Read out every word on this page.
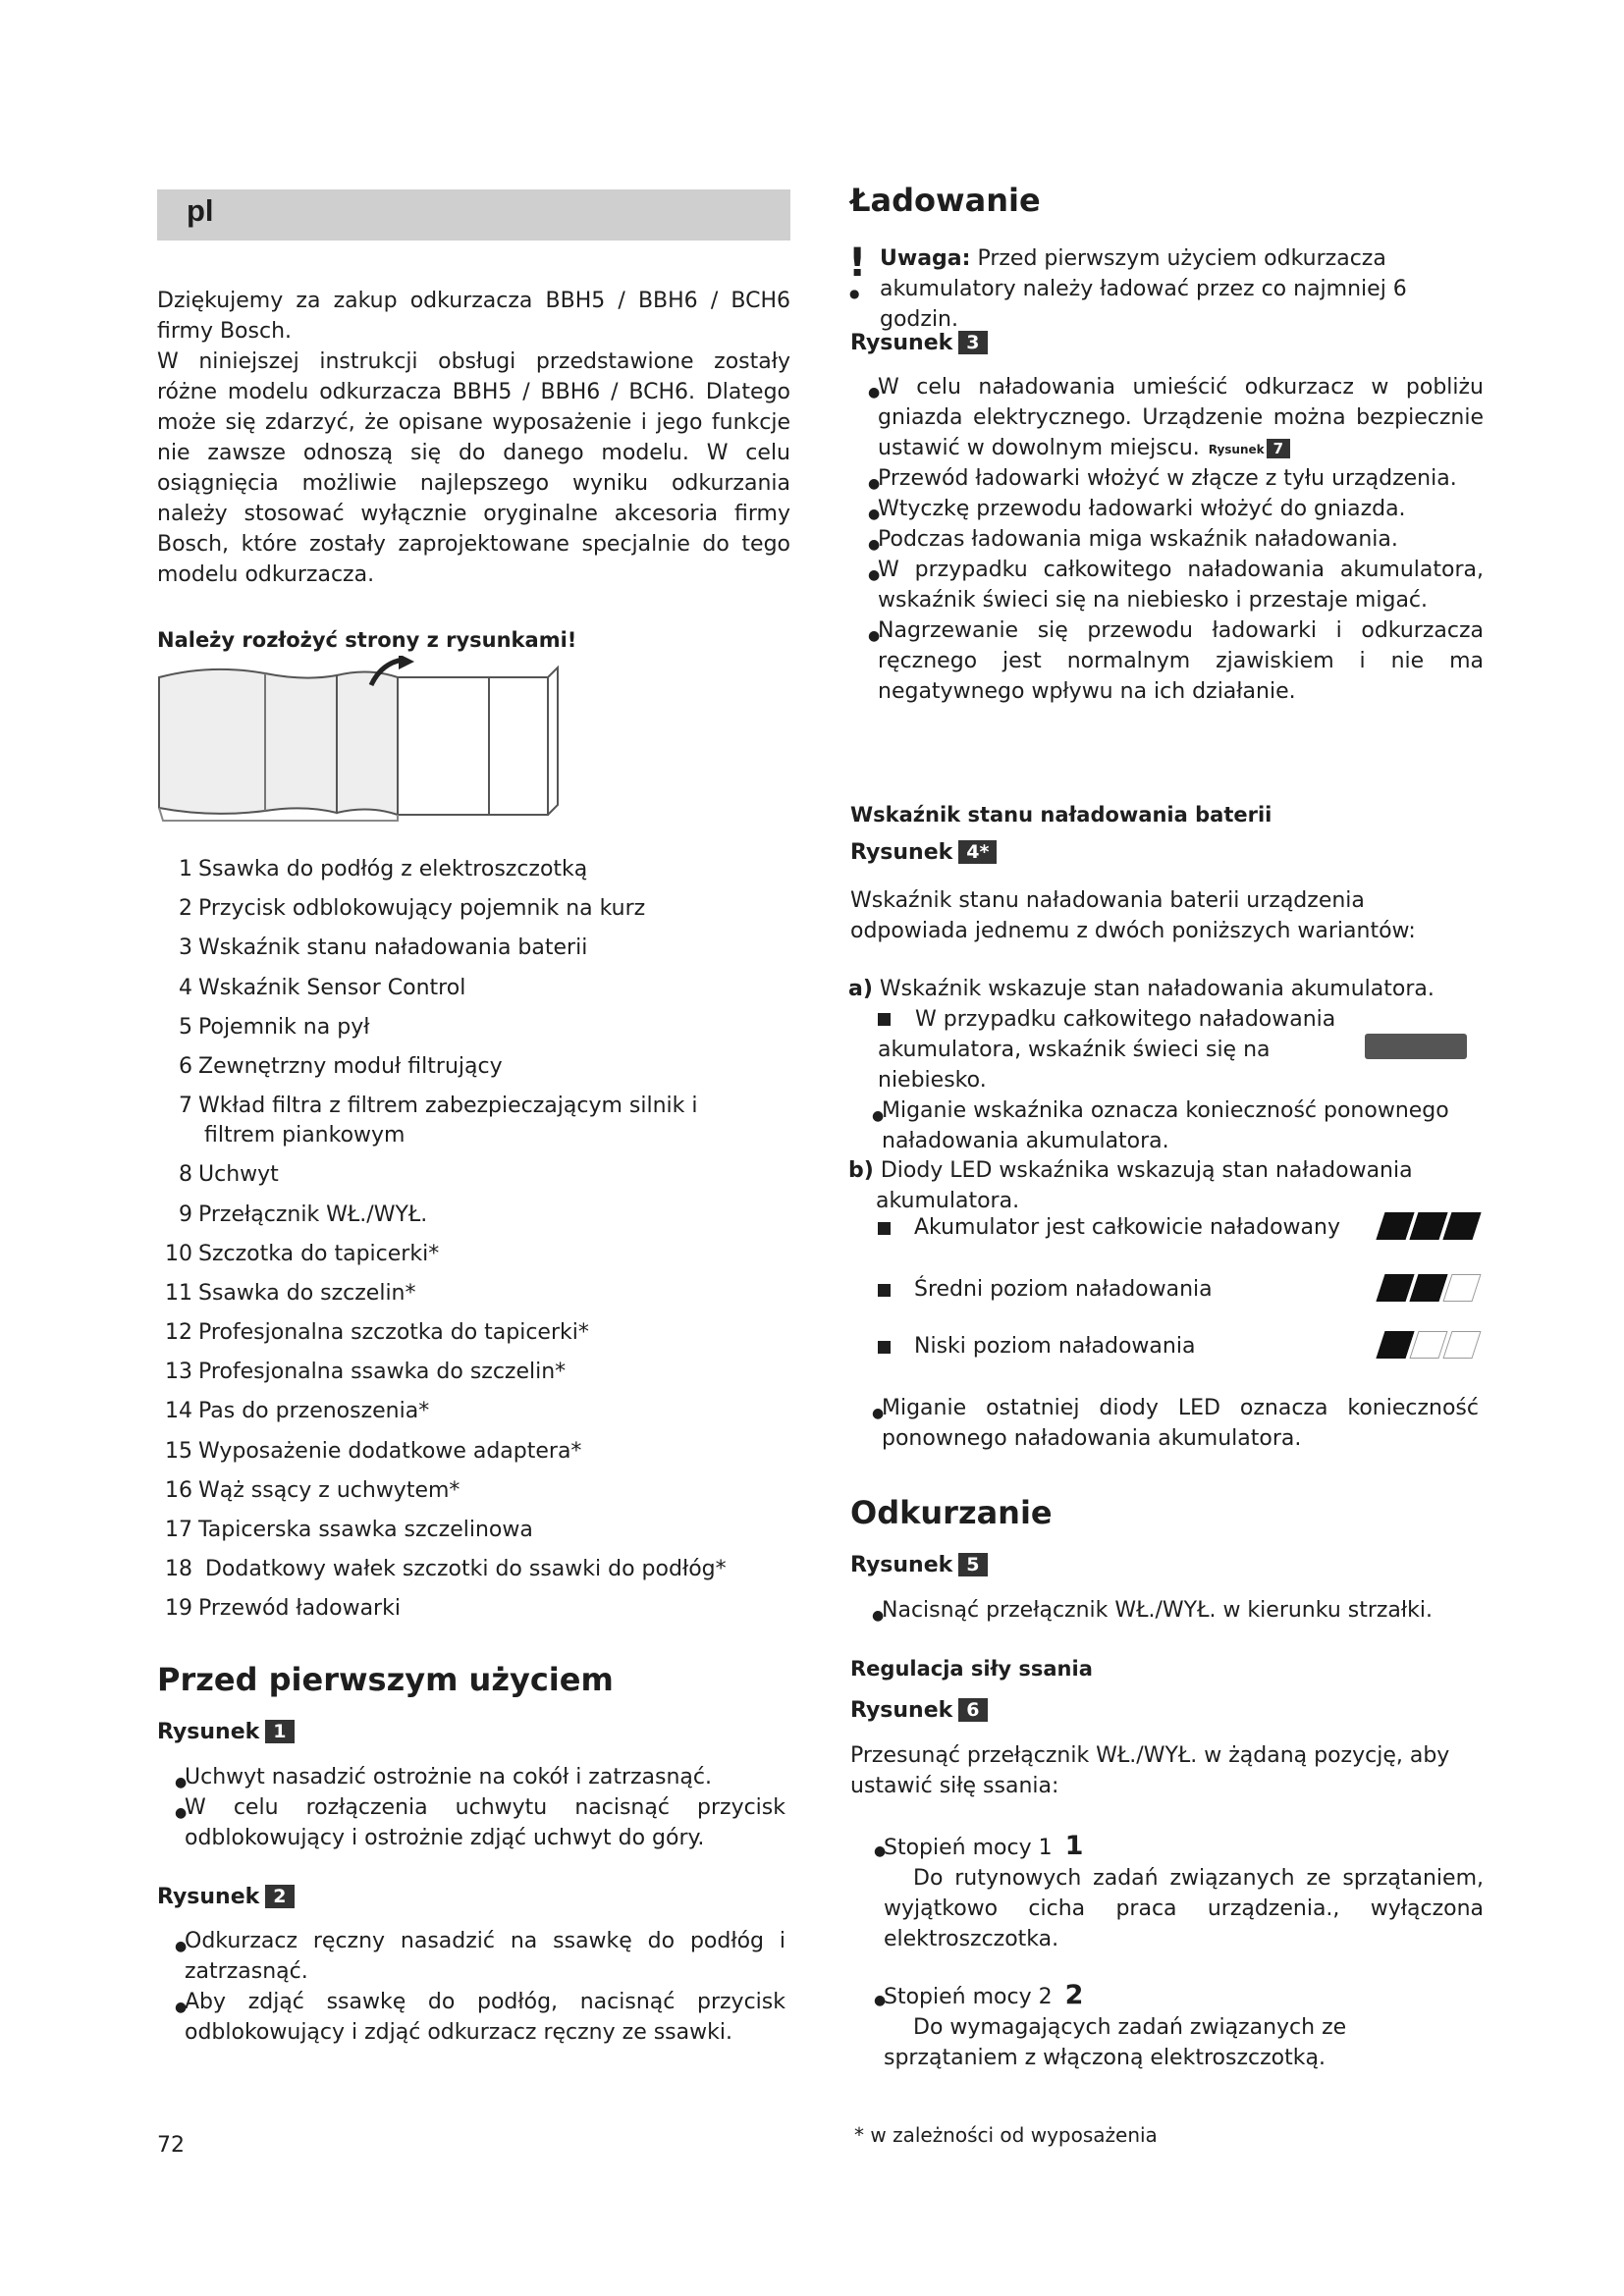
pl

Dziękujemy za zakup odkurzacza BBH5 / BBH6 / BCH6 firmy Bosch.

W niniejszej instrukcji obsługi przedstawione zostały różne modelu odkurzacza BBH5 / BBH6 / BCH6. Dlatego może się zdarzyć, że opisane wyposażenie i jego funkcje nie zawsze odnoszą się do danego modelu. W celu osiągnięcia możliwie najlepszego wyniku odkurzania należy stosować wyłącznie oryginalne akcesoria firmy Bosch, które zostały zaprojektowane specjalnie do tego modelu odkurzacza.

Należy rozłożyć strony z rysunkami!

1 Ssawka do podłóg z elektroszczotką
2 Przycisk odblokowujący pojemnik na kurz
3 Wskaźnik stanu naładowania baterii
4 Wskaźnik Sensor Control
5 Pojemnik na pył
6 Zewnętrzny moduł filtrujący
7 Wkład filtra z filtrem zabezpieczającym silnik i
filtrem piankowym
8 Uchwyt
9 Przełącznik WŁ./WYŁ.
10 Szczotka do tapicerki*
11 Ssawka do szczelin*
12 Profesjonalna szczotka do tapicerki*
13 Profesjonalna ssawka do szczelin*
14 Pas do przenoszenia*
15 Wyposażenie dodatkowe adaptera*
16 Wąż ssący z uchwytem*
17 Tapicerska ssawka szczelinowa
18 Dodatkowy wałek szczotki do ssawki do podłóg*
19 Przewód ładowarki

Przed pierwszym użyciem

Rysunek 1
●
Uchwyt nasadzić ostrożnie na cokół i zatrzasnąć.
●
W celu rozłączenia uchwytu nacisnąć przycisk odblokowujący i ostrożnie zdjąć uchwyt do góry.
Rysunek 2
●
Odkurzacz ręczny nasadzić na ssawkę do podłóg i zatrzasnąć.
●
Aby zdjąć ssawkę do podłóg, nacisnąć przycisk odblokowujący i zdjąć odkurzacz ręczny ze ssawki.

72

Ładowanie

!
●

Uwaga: Przed pierwszym użyciem odkurzacza akumulatory należy ładować przez co najmniej 6 godzin.

Rysunek 3
●
W celu naładowania umieścić odkurzacz w pobliżu gniazda elektrycznego. Urządzenie można bezpiecznie ustawić w dowolnym miejscu. Rysunek 7
●
Przewód ładowarki włożyć w złącze z tyłu urządzenia.
●
Wtyczkę przewodu ładowarki włożyć do gniazda.
●
Podczas ładowania miga wskaźnik naładowania.
●
W przypadku całkowitego naładowania akumulatora, wskaźnik świeci się na niebiesko i przestaje migać.
●
Nagrzewanie się przewodu ładowarki i odkurzacza ręcznego jest normalnym zjawiskiem i nie ma negatywnego wpływu na ich działanie.

Wskaźnik stanu naładowania baterii

Rysunek 4*

Wskaźnik stanu naładowania baterii urządzenia odpowiada jednemu z dwóch poniższych wariantów:

a) Wskaźnik wskazuje stan naładowania akumulatora.

W przypadku całkowitego naładowania akumulatora, wskaźnik świeci się na niebiesko.
●
Miganie wskaźnika oznacza konieczność ponownego naładowania akumulatora.

b) Diody LED wskaźnika wskazują stan naładowania akumulatora.

Akumulator jest całkowicie naładowany
Średni poziom naładowania
Niski poziom naładowania
●
Miganie ostatniej diody LED oznacza konieczność ponownego naładowania akumulatora.

Odkurzanie

Rysunek 5
●
Nacisnąć przełącznik WŁ./WYŁ. w kierunku strzałki.

Regulacja siły ssania

Rysunek 6

Przesunąć przełącznik WŁ./WYŁ. w żądaną pozycję, aby ustawić siłę ssania:

●
Stopień mocy 1 1

Do rutynowych zadań związanych ze sprzątaniem, wyjątkowo cicha praca urządzenia., wyłączona elektroszczotka.

●
Stopień mocy 2 2

Do wymagających zadań związanych ze sprzątaniem z włączoną elektroszczotką.

* w zależności od wyposażenia
